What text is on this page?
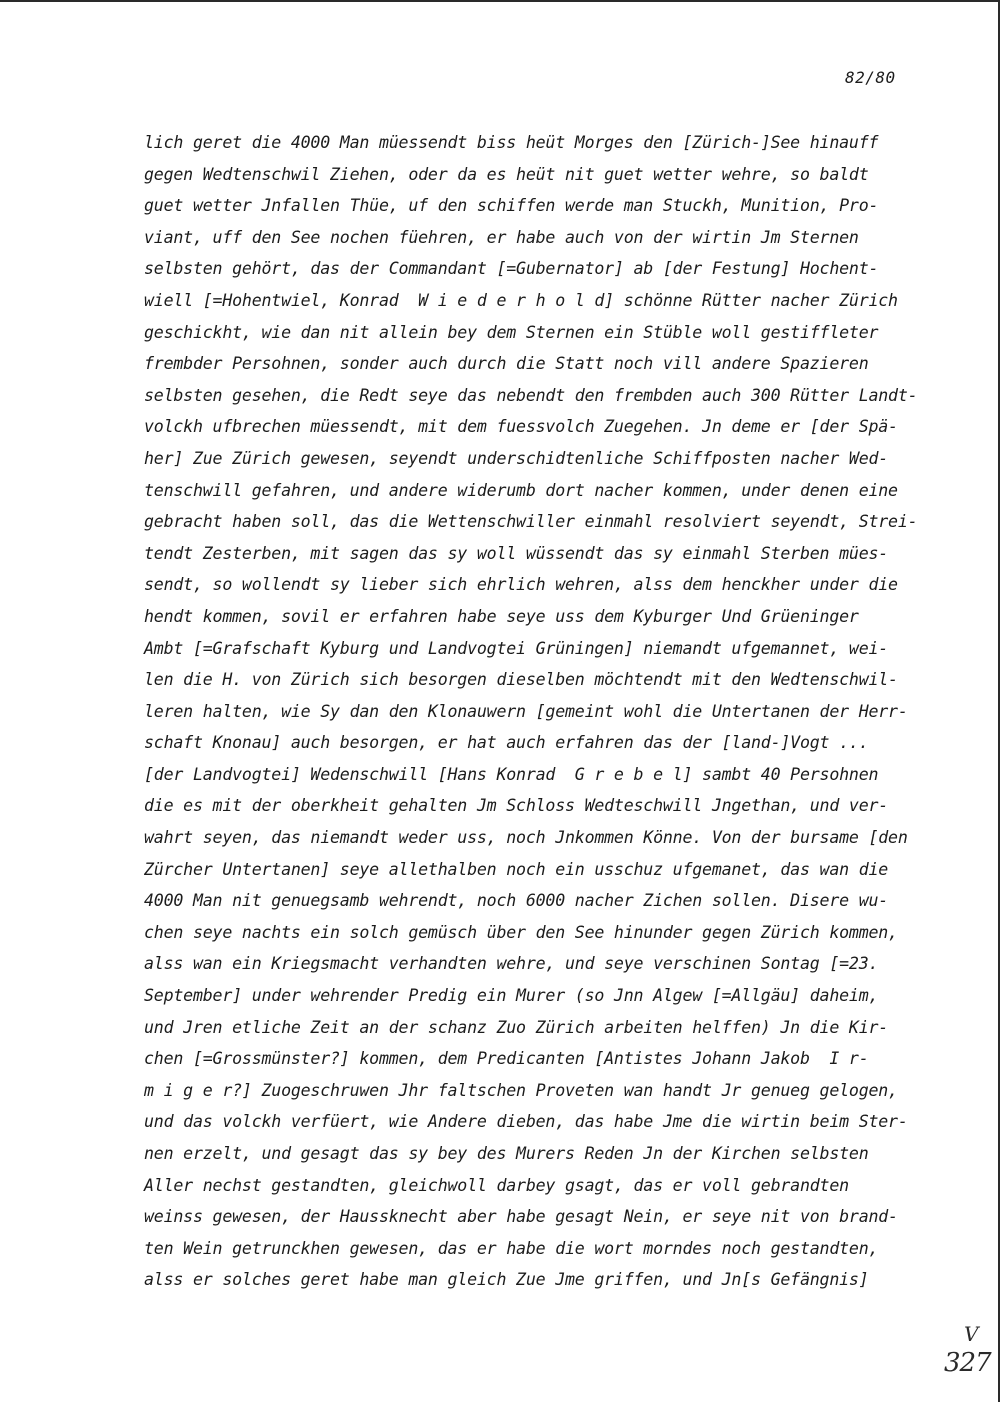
82/80
lich geret die 4000 Man müessendt biss heüt Morges den [Zürich-]See hinauff
gegen Wedtenschwil Ziehen, oder da es heüt nit guet wetter wehre, so baldt
guet wetter Jnfallen Thüe, uf den schiffen werde man Stuckh, Munition, Pro-
viant, uff den See nochen füehren, er habe auch von der wirtin Jm Sternen
selbsten gehört, das der Commandant [=Gubernator] ab [der Festung] Hochent-
wiell [=Hohentwiel, Konrad  W i e d e r h o l d] schönne Rütter nacher Zürich
geschickht, wie dan nit allein bey dem Sternen ein Stüble woll gestiffleter
frembder Persohnen, sonder auch durch die Statt noch vill andere Spazieren
selbsten gesehen, die Redt seye das nebendt den frembden auch 300 Rütter Landt-
volckh ufbrechen müessendt, mit dem fuessvolch Zuegehen. Jn deme er [der Spä-
her] Zue Zürich gewesen, seyendt underschidtenliche Schiffposten nacher Wed-
tenschwill gefahren, und andere widerumb dort nacher kommen, under denen eine
gebracht haben soll, das die Wettenschwiller einmahl resolviert seyendt, Strei-
tendt Zesterben, mit sagen das sy woll wüssendt das sy einmahl Sterben mües-
sendt, so wollendt sy lieber sich ehrlich wehren, alss dem henckher under die
hendt kommen, sovil er erfahren habe seye uss dem Kyburger Und Grüeninger
Ambt [=Grafschaft Kyburg und Landvogtei Grüningen] niemandt ufgemannet, wei-
len die H. von Zürich sich besorgen dieselben möchtendt mit den Wedtenschwil-
leren halten, wie Sy dan den Klonauwern [gemeint wohl die Untertanen der Herr-
schaft Knonau] auch besorgen, er hat auch erfahren das der [land-]Vogt ...
[der Landvogtei] Wedenschwill [Hans Konrad  G r e b e l] sambt 40 Persohnen
die es mit der oberkheit gehalten Jm Schloss Wedteschwill Jngethan, und ver-
wahrt seyen, das niemandt weder uss, noch Jnkommen Könne. Von der bursame [den
Zürcher Untertanen] seye allethalben noch ein usschuz ufgemanet, das wan die
4000 Man nit genuegsamb wehrendt, noch 6000 nacher Zichen sollen. Disere wu-
chen seye nachts ein solch gemüsch über den See hinunder gegen Zürich kommen,
alss wan ein Kriegsmacht verhandten wehre, und seye verschinen Sontag [=23.
September] under wehrender Predig ein Murer (so Jnn Algew [=Allgäu] daheim,
und Jren etliche Zeit an der schanz Zuo Zürich arbeiten helffen) Jn die Kir-
chen [=Grossmünster?] kommen, dem Predicanten [Antistes Johann Jakob  I r-
m i g e r?] Zuogeschruwen Jhr faltschen Proveten wan handt Jr genueg gelogen,
und das volckh verfüert, wie Andere dieben, das habe Jme die wirtin beim Ster-
nen erzelt, und gesagt das sy bey des Murers Reden Jn der Kirchen selbsten
Aller nechst gestandten, gleichwoll darbey gsagt, das er voll gebrandten
weinss gewesen, der Haussknecht aber habe gesagt Nein, er seye nit von brand-
ten Wein getrunckhen gewesen, das er habe die wort morndes noch gestandten,
alss er solches geret habe man gleich Zue Jme griffen, und Jn[s Gefängnis]
V
327
